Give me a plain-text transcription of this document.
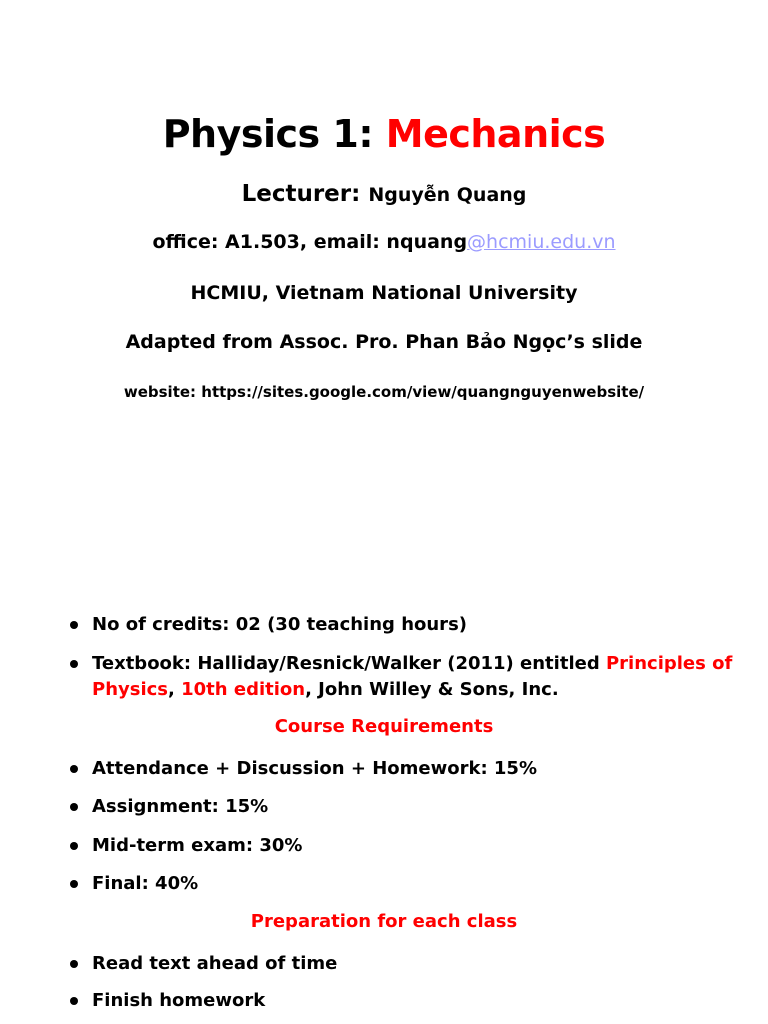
Physics 1: Mechanics
Lecturer: Nguyễn Quang
office: A1.503, email: nquang@hcmiu.edu.vn
HCMIU, Vietnam National University
Adapted from Assoc. Pro. Phan Bảo Ngọc’s slide
website: https://sites.google.com/view/quangnguyenwebsite/
No of credits: 02 (30 teaching hours)
Textbook: Halliday/Resnick/Walker (2011) entitled Principles of Physics, 10th edition, John Willey & Sons, Inc.
Course Requirements
Attendance + Discussion + Homework: 15%
Assignment: 15%
Mid-term exam: 30%
Final: 40%
Preparation for each class
Read text ahead of time
Finish homework
